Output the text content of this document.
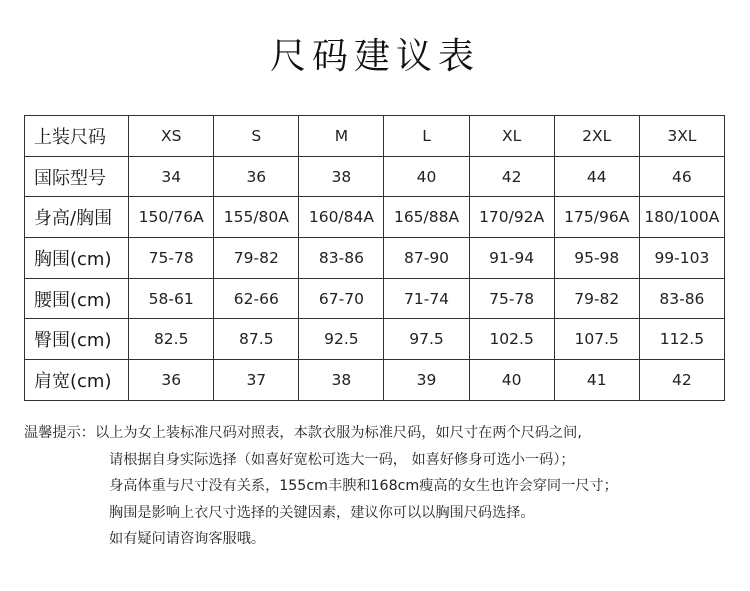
尺码建议表
上装尺码	XS	S	M	L	XL	2XL	3XL
国际型号	34	36	38	40	42	44	46
身高/胸围	150/76A	155/80A	160/84A	165/88A	170/92A	175/96A	180/100A
胸围(cm)	75-78	79-82	83-86	87-90	91-94	95-98	99-103
腰围(cm)	58-61	62-66	67-70	71-74	75-78	79-82	83-86
臀围(cm)	82.5	87.5	92.5	97.5	102.5	107.5	112.5
肩宽(cm)	36	37	38	39	40	41	42
温馨提示：以上为女上装标准尺码对照表，本款衣服为标准尺码，如尺寸在两个尺码之间,
请根据自身实际选择（如喜好宽松可选大一码， 如喜好修身可选小一码）；
身高体重与尺寸没有关系，155cm丰腴和168cm瘦高的女生也许会穿同一尺寸；
胸围是影响上衣尺寸选择的关键因素，建议你可以以胸围尺码选择。
如有疑问请咨询客服哦。
